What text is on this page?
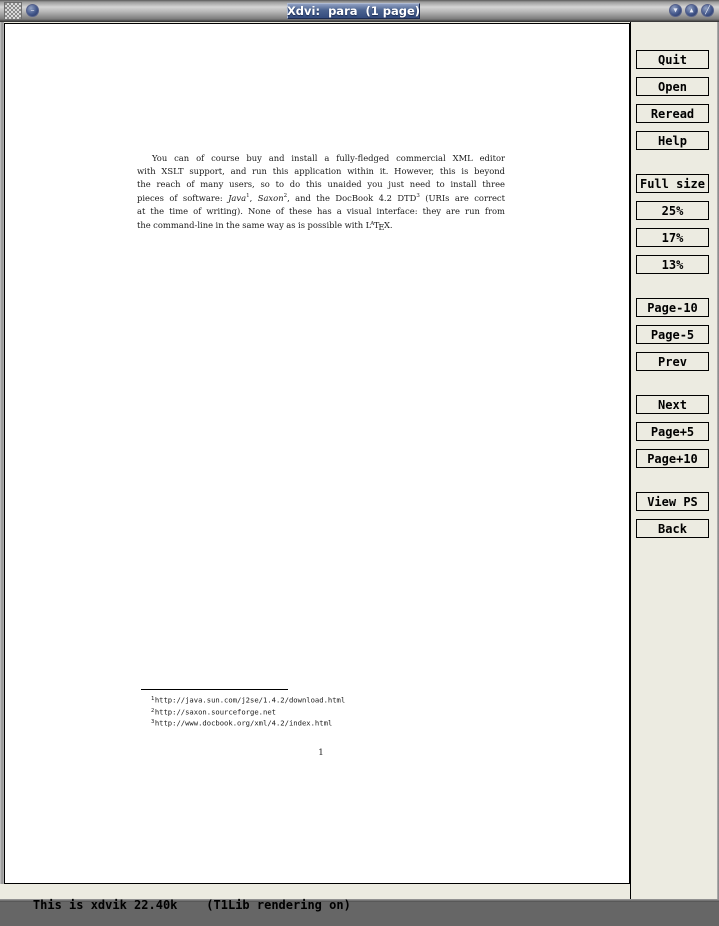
–	Xdvi:  para  (1 page)	▾ ▴ ╱
You can of course buy and install a fully-fledged commercial XML editor
with XSLT support, and run this application within it. However, this is beyond
the reach of many users, so to do this unaided you just need to install three
pieces of software: Java$^1$, Saxon$^2$, and the DocBook 4.2 DTD$^3$ (URIs are correct
at the time of writing). None of these has a visual interface: they are run from
the command-line in the same way as is possible with $L^ATEX$.
$^1$http://java.sun.com/j2se/1.4.2/download.html
$^2$http://saxon.sourceforge.net
$^3$http://www.docbook.org/xml/4.2/index.html
1
Quit
Open
Reread
Help
Full size
25%
17%
13%
Page-10
Page-5
Prev
Next
Page+5
Page+10
View PS
Back

This is xdvik 22.40k    (T1Lib rendering on)
